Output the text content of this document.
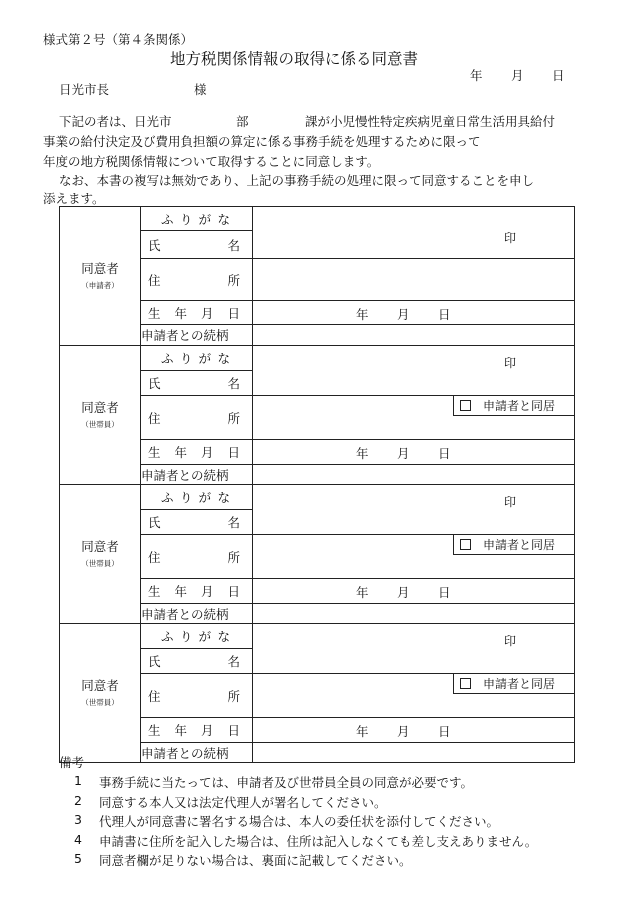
様式第２号（第４条関係）
地方税関係情報の取得に係る同意書
年 月 日
日光市長	様
下記の者は、日光市	部	課が小児慢性特定疾病児童日常生活用具給付
事業の給付決定及び費用負担額の算定に係る事務手続を処理するために限って
年度の地方税関係情報について取得することに同意します。
なお、本書の複写は無効であり、上記の事務手続の処理に限って同意することを申し
添えます。
同意者
（申請者）	ふ り が な	印

	氏 名	

	住 所	

	生 年 月 日	年 月 日

	申請者との続柄	
同意者
（世帯員）	ふ り が な	印

	氏 名	

	住 所	申請者と同居

	生 年 月 日	年 月 日

	申請者との続柄	
同意者
（世帯員）	ふ り が な	印

	氏 名	

	住 所	申請者と同居

	生 年 月 日	年 月 日

	申請者との続柄	
同意者
（世帯員）	ふ り が な	印

	氏 名	

	住 所	申請者と同居

	生 年 月 日	年 月 日

	申請者との続柄	
備考
1 事務手続に当たっては、申請者及び世帯員全員の同意が必要です。
2 同意する本人又は法定代理人が署名してください。
3 代理人が同意書に署名する場合は、本人の委任状を添付してください。
4 申請書に住所を記入した場合は、住所は記入しなくても差し支えありません。
5 同意者欄が足りない場合は、裏面に記載してください。
